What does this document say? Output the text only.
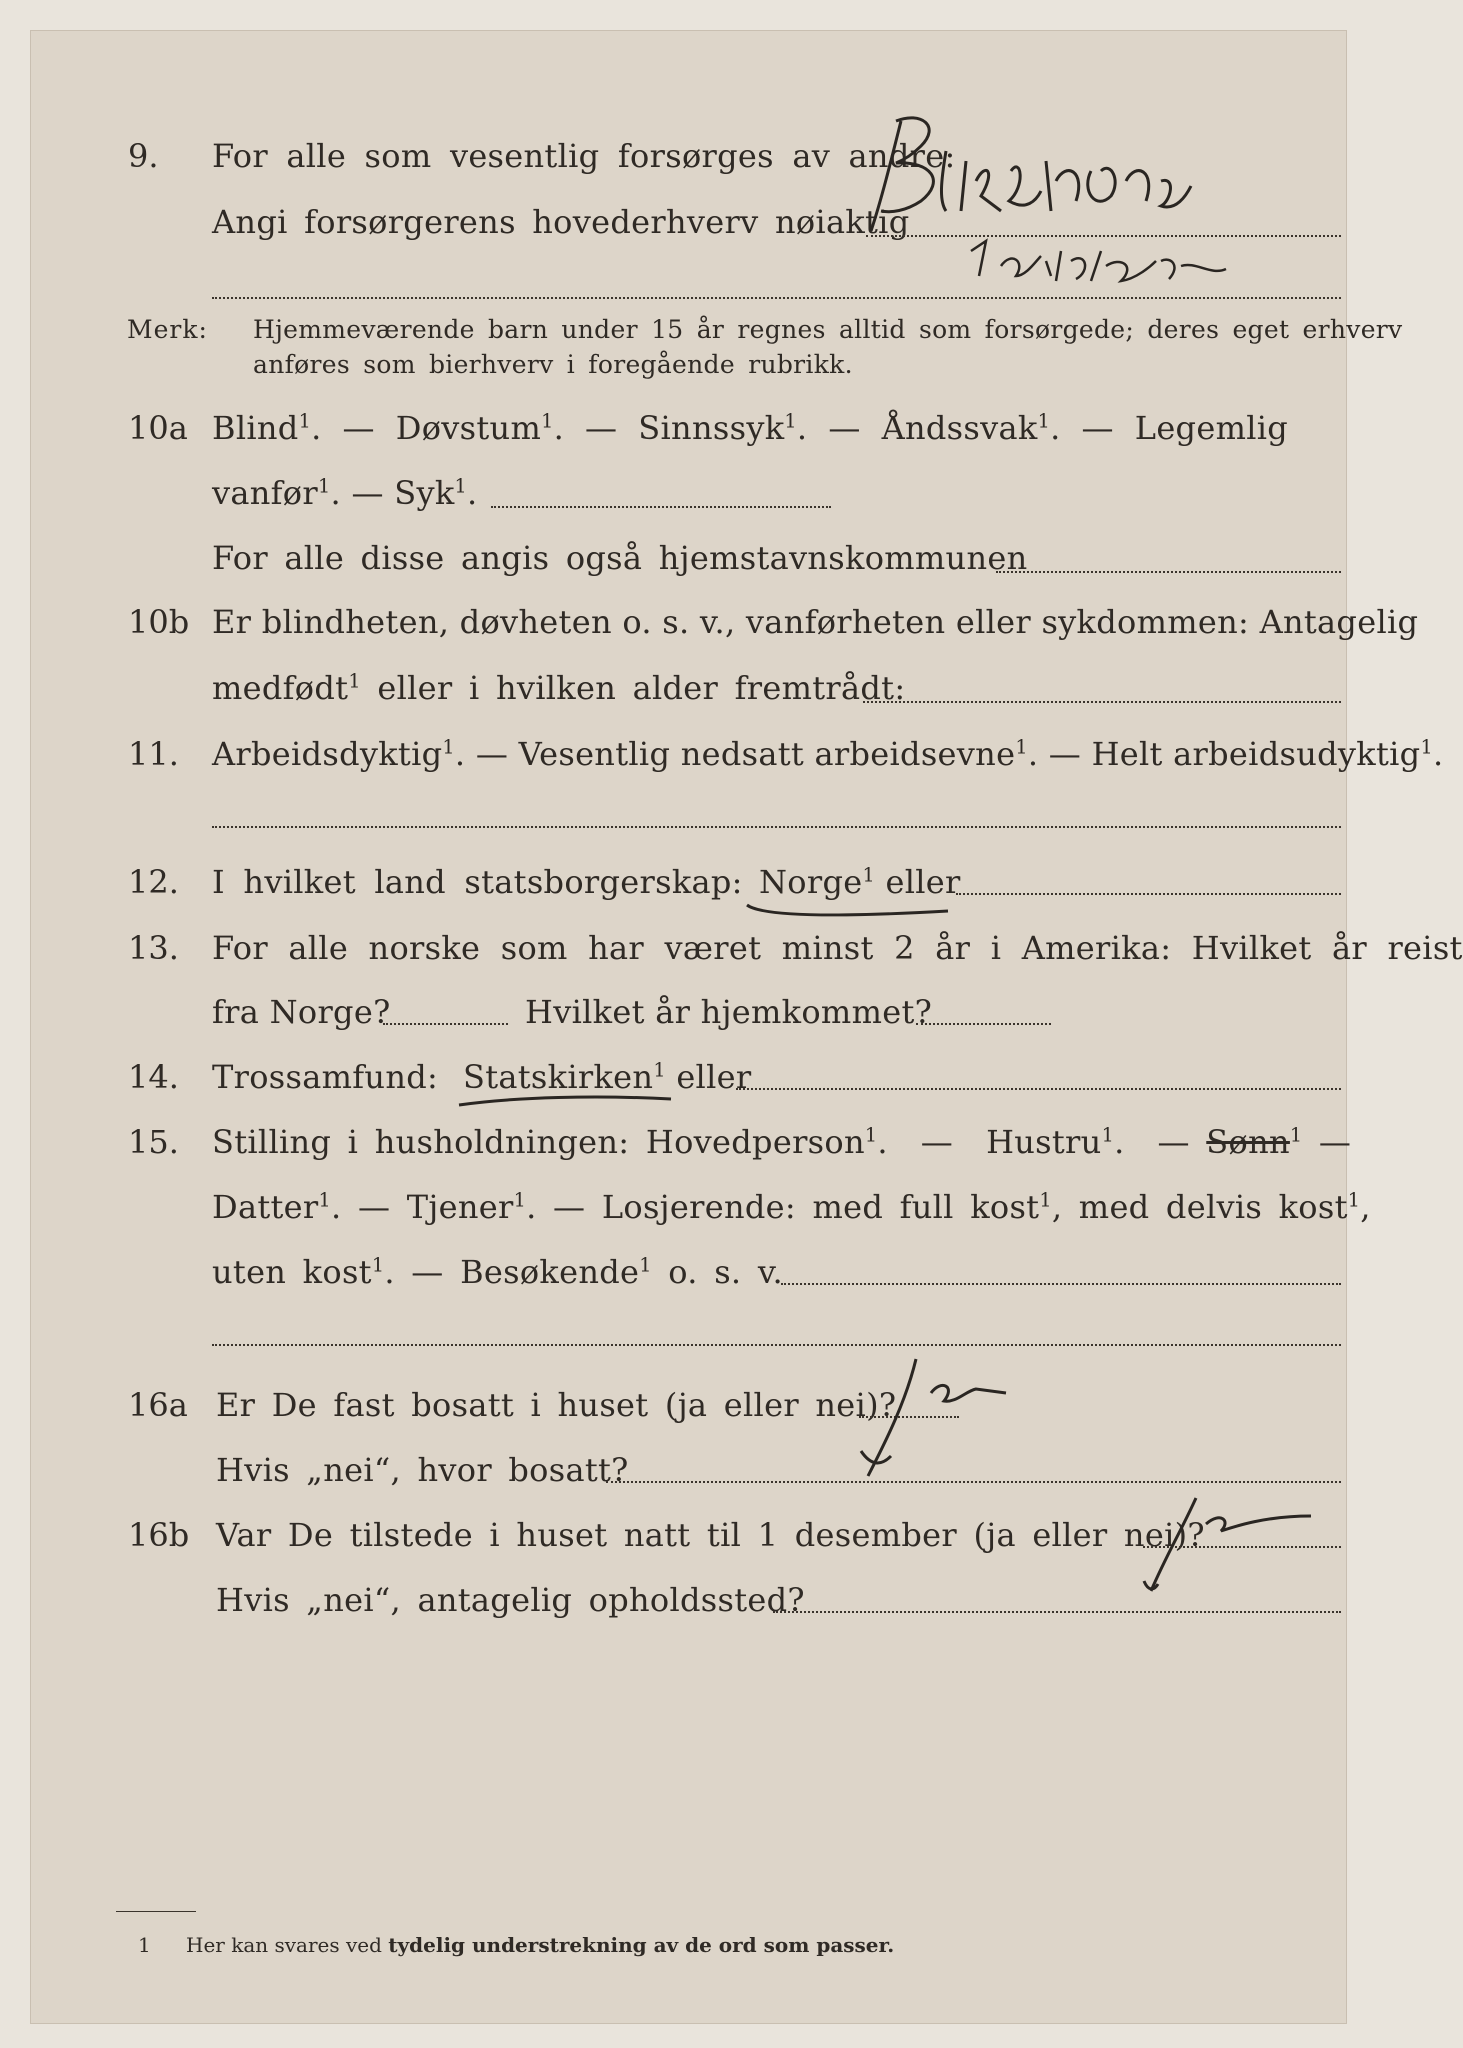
9. For alle som vesentlig forsørges av andre:
Angi forsørgerens hovederhverv nøiaktig
Merk: Hjemmeværende barn under 15 år regnes alltid som forsørgede; deres eget erhverv
anføres som bierhverv i foregående rubrikk.
10a Blind$^1$.  —  Døvstum$^1$.  —  Sinnssyk$^1$.  —  Åndssvak$^1$.  —  Legemlig
vanfør$^1$. — Syk$^1$.
For alle disse angis også hjemstavnskommunen
10b Er blindheten, døvheten o. s. v., vanførheten eller sykdommen: Antagelig
medfødt$^1$ eller i hvilken alder fremtrådt:
11. Arbeidsdyktig$^1$. — Vesentlig nedsatt arbeidsevne$^1$. — Helt arbeidsudyktig$^1$.
12. I hvilket land statsborgerskap: Norge$^1$ eller
13. For alle norske som har været minst 2 år i Amerika: Hvilket år reist
fra Norge?	Hvilket år hjemkommet?
14. Trossamfund: Statskirken$^1$ eller
15. Stilling i husholdningen: Hovedperson$^1$.  —  Hustru$^1$.  — Sønn$^1$ —
Datter$^1$. — Tjener$^1$. — Losjerende: med full kost$^1$, med delvis kost$^1$,
uten kost$^1$. — Besøkende$^1$ o. s. v.
16a Er De fast bosatt i huset (ja eller nei)?
Hvis „nei“, hvor bosatt?
16b Var De tilstede i huset natt til 1 desember (ja eller nei)?
Hvis „nei“, antagelig opholdssted?
1 Her kan svares ved tydelig understrekning av de ord som passer.
